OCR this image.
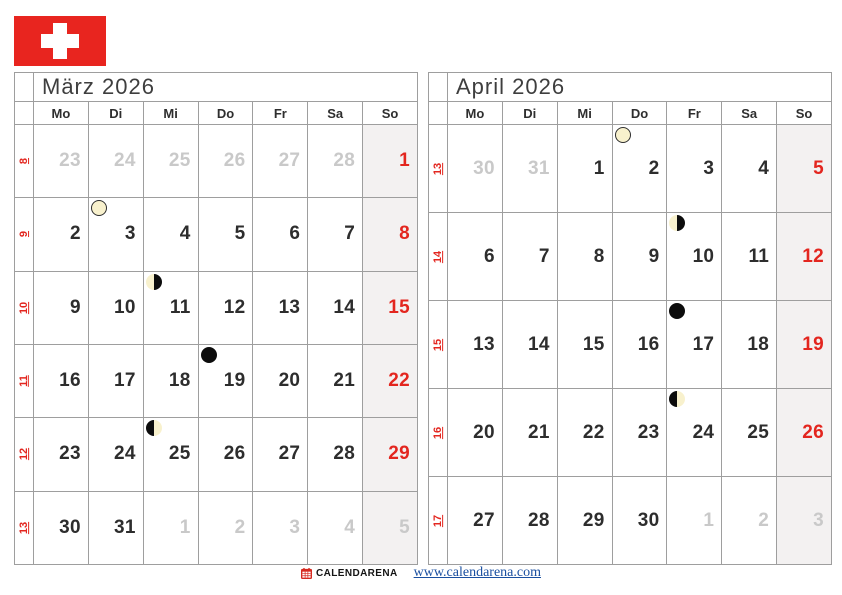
März 2026
Mo	Di	Mi	Do	Fr	Sa	So
8 23 24 25 26 27 28 1
9 2 3 4 5 6 7 8
10 9 10 11 12 13 14 15
11 16 17 18 19 20 21 22
12 23 24 25 26 27 28 29
13 30 31 1 2 3 4 5
April 2026
Mo	Di	Mi	Do	Fr	Sa	So
13 30 31 1 2 3 4 5
14 6 7 8 9 10 11 12
15 13 14 15 16 17 18 19
16 20 21 22 23 24 25 26
17 27 28 29 30 1 2 3
CALENDARENA www.calendarena.com
